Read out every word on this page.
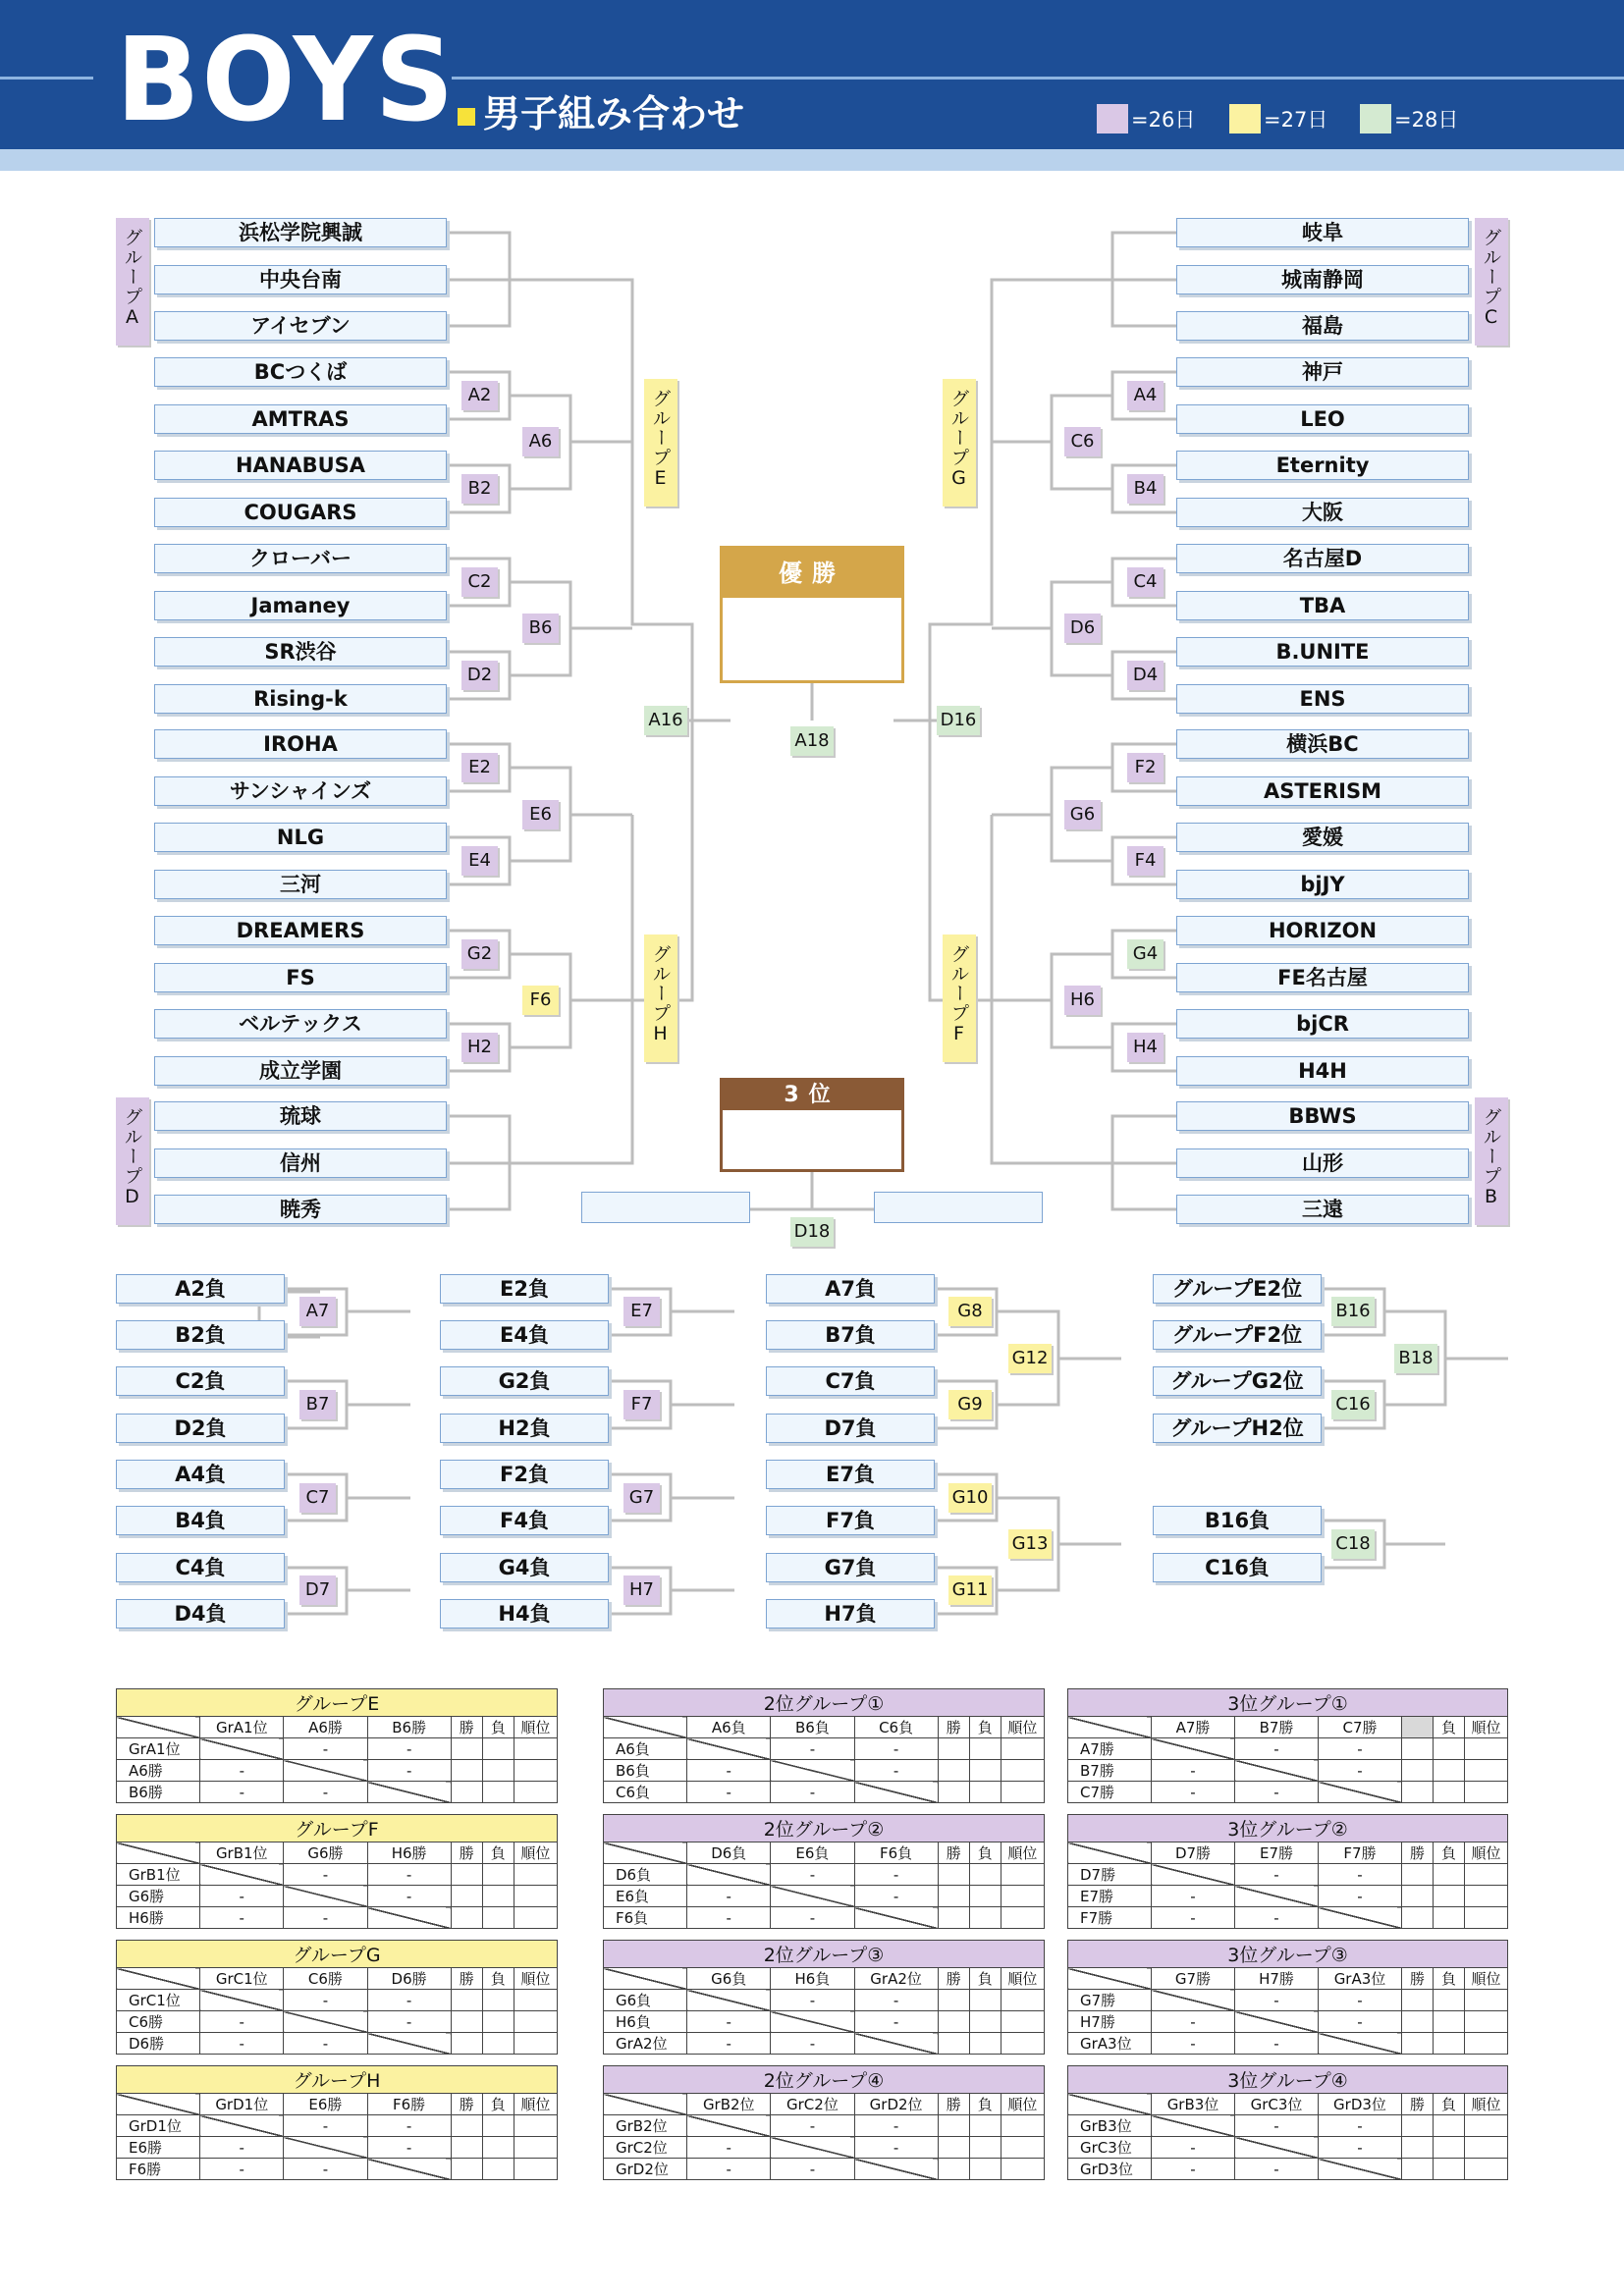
BOYS 男子組み合わせ	=26日	=27日	=28日
グループA
グループD
グループC
グループB
グループE
グループH
グループG
グループF
浜松学院興誠
中央台南
アイセブン
BCつくば
AMTRAS
HANABUSA
COUGARS
クローバー
Jamaney
SR渋谷
Rising-k
IROHA
サンシャインズ
NLG
三河
DREAMERS
FS
ベルテックス
成立学園
琉球
信州
暁秀
岐阜
城南静岡
福島
神戸
LEO
Eternity
大阪
名古屋D
TBA
B.UNITE
ENS
横浜BC
ASTERISM
愛媛
bjJY
HORIZON
FE名古屋
bjCR
H4H
BBWS
山形
三遠
A2
B2
C2
D2
E2
E4
G2
H2
A6
B6
E6
F6
A4
B4
C4
D4
F2
F4
G4
H4
C6
D6
G6
H6
A16	D16
A18
優勝
3位
D18
A2負
B2負
C2負
D2負
A4負
B4負
C4負
D4負
A7
B7
C7
D7
E2負
E4負
G2負
H2負
F2負
F4負
G4負
H4負
E7
F7
G7
H7
A7負
B7負
C7負
D7負
E7負
F7負
G7負
H7負
G8
G9
G10
G11
G12
G13
グループE2位
グループF2位
グループG2位
グループH2位
B16
C16
B18
B16負
C16負
C18
グループE						
	GrA1位	A6勝	B6勝	勝	負	順位
GrA1位		-	-			
A6勝	-		-			
B6勝	-	-				
グループF						
	GrB1位	G6勝	H6勝	勝	負	順位
GrB1位		-	-			
G6勝	-		-			
H6勝	-	-				
グループG						
	GrC1位	C6勝	D6勝	勝	負	順位
GrC1位		-	-			
C6勝	-		-			
D6勝	-	-				
グループH						
	GrD1位	E6勝	F6勝	勝	負	順位
GrD1位		-	-			
E6勝	-		-			
F6勝	-	-				
2位グループ①						
	A6負	B6負	C6負	勝	負	順位
A6負		-	-			
B6負	-		-			
C6負	-	-				
2位グループ②						
	D6負	E6負	F6負	勝	負	順位
D6負		-	-			
E6負	-		-			
F6負	-	-				
2位グループ③						
	G6負	H6負	GrA2位	勝	負	順位
G6負		-	-			
H6負	-		-			
GrA2位	-	-				
2位グループ④						
	GrB2位	GrC2位	GrD2位	勝	負	順位
GrB2位		-	-			
GrC2位	-		-			
GrD2位	-	-				
3位グループ①						
	A7勝	B7勝	C7勝		負	順位
A7勝		-	-			
B7勝	-		-			
C7勝	-	-				
3位グループ②						
	D7勝	E7勝	F7勝	勝	負	順位
D7勝		-	-			
E7勝	-		-			
F7勝	-	-				
3位グループ③						
	G7勝	H7勝	GrA3位	勝	負	順位
G7勝		-	-			
H7勝	-		-			
GrA3位	-	-				
3位グループ④						
	GrB3位	GrC3位	GrD3位	勝	負	順位
GrB3位		-	-			
GrC3位	-		-			
GrD3位	-	-				
